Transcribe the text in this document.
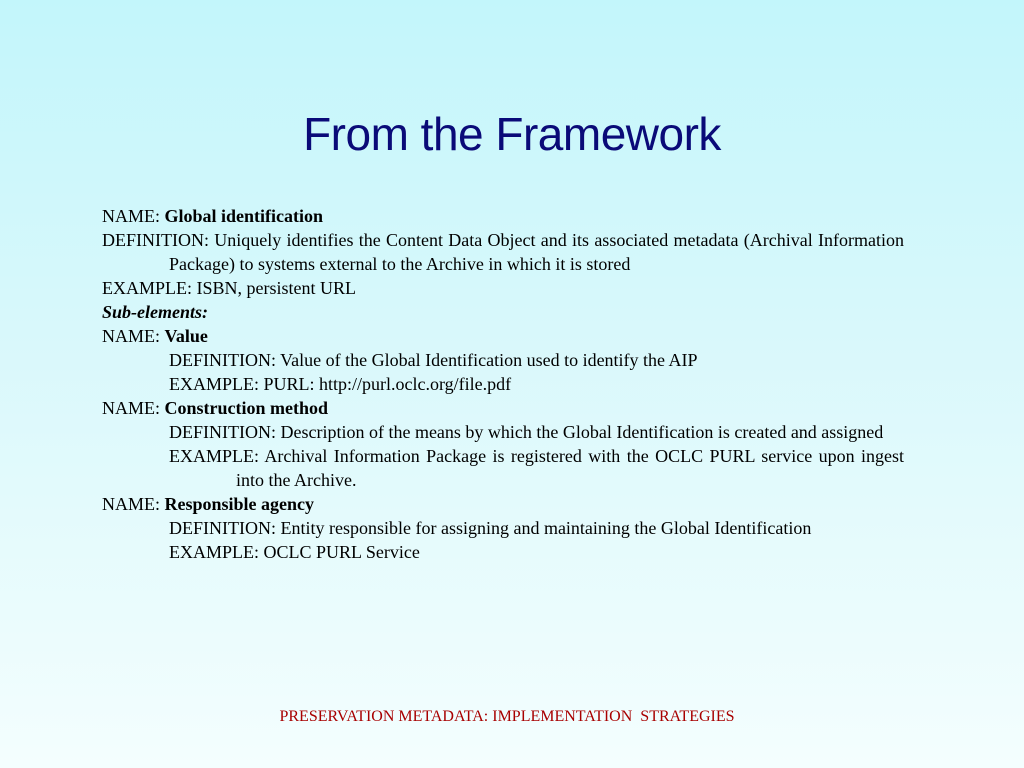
From the Framework
NAME: Global identification
DEFINITION: Uniquely identifies the Content Data Object and its associated metadata (Archival Information Package) to systems external to the Archive in which it is stored
EXAMPLE: ISBN, persistent URL
Sub-elements:
NAME: Value
DEFINITION: Value of the Global Identification used to identify the AIP
EXAMPLE: PURL: http://purl.oclc.org/file.pdf
NAME: Construction method
DEFINITION: Description of the means by which the Global Identification is created and assigned
EXAMPLE: Archival Information Package is registered with the OCLC PURL service upon ingest into the Archive.
NAME: Responsible agency
DEFINITION: Entity responsible for assigning and maintaining the Global Identification
EXAMPLE: OCLC PURL Service
PRESERVATION METADATA: IMPLEMENTATION  STRATEGIES
